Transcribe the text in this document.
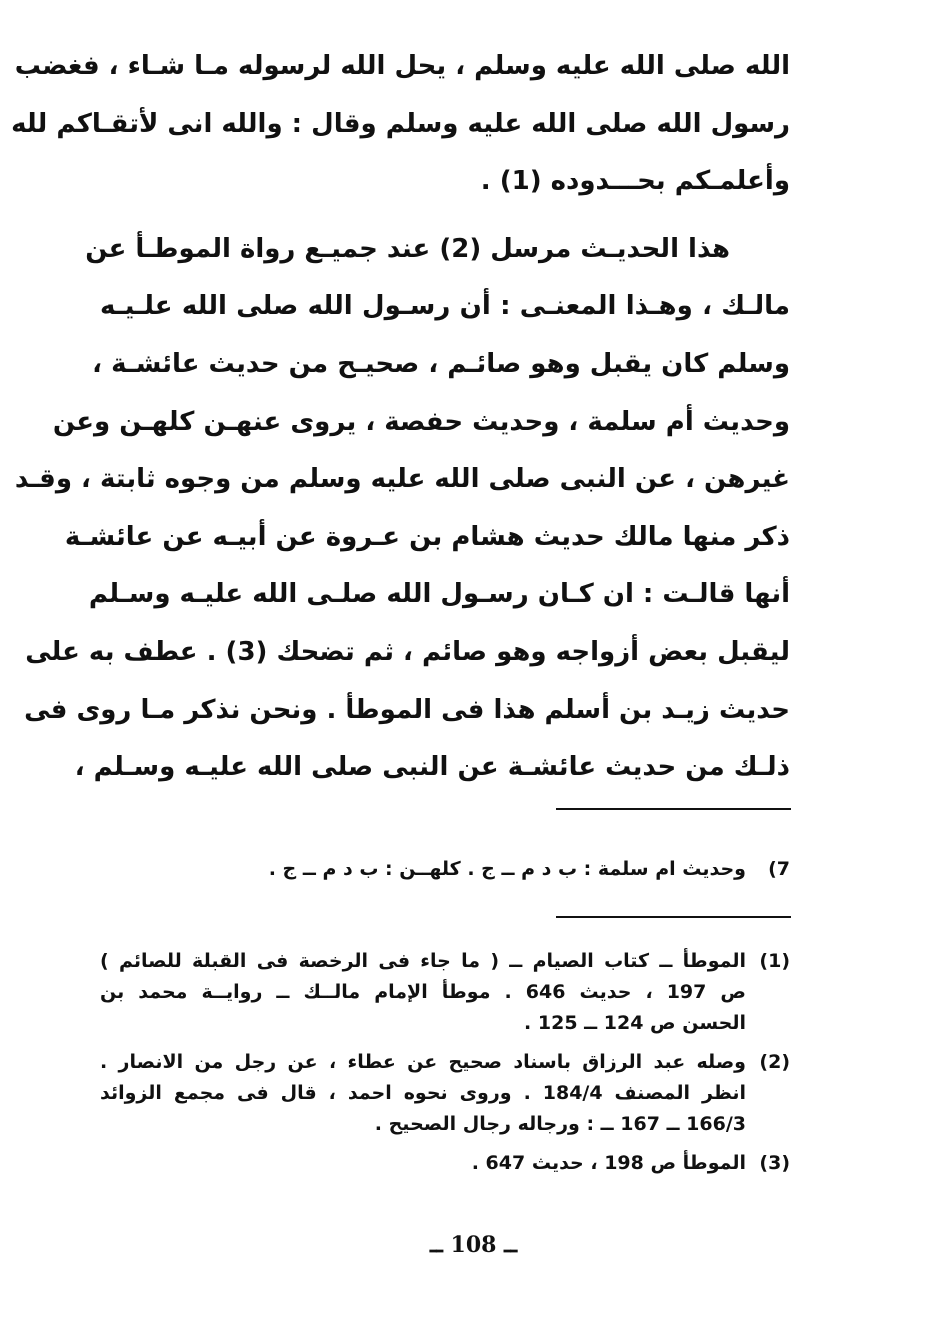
الله صلى الله عليه وسلم ، يحل الله لرسوله مـا شـاء ، فغضب
رسول الله صلى الله عليه وسلم وقال : والله انى لأتقـاكم لله
وأعلمـكم بحـــدوده (1) .
هذا الحديـث مرسل (2) عند جميـع رواة الموطـأ عن
مالـك ، وهـذا المعنـى : أن رسـول الله صلى الله علـيـه
وسلم كان يقبل وهو صائـم ، صحيـح من حديث عائشـة ،
وحديث أم سلمة ، وحديث حفصة ، يروى عنهـن كلهـن وعن
غيرهن ، عن النبى صلى الله عليه وسلم من وجوه ثابتة ، وقـد
ذكر منها مالك حديث هشام بن عـروة عن أبيـه عن عائشـة
أنها قالـت : ان كـان رسـول الله صلـى الله عليـه وسـلم
ليقبل بعض أزواجه وهو صائم ، ثم تضحك (3) . عطف به على
حديث زيـد بن أسلم هذا فى الموطأ . ونحن نذكر مـا روى فى
ذلـك من حديث عائشـة عن النبى صلى الله عليـه وسـلم ،
7)
وحديث ام سلمة : ب د م ــ ج . كلهــن : ب د م ــ ج .
(1)
الموطأ ــ كتاب الصيام ــ ( ما جاء فى الرخصة فى القبلة للصائم )
ص 197 ، حديث 646 . موطأ الإمام مالــك ــ روايــة محمد بن
الحسن ص 124 ــ 125 .
(2)
وصله عبد الرزاق باسناد صحيح عن عطاء ، عن رجل من الانصار .
انظر المصنف 184/4 . وروى نحوه احمد ، قال فى مجمع الزوائد
166/3 ــ 167 ــ : ورجاله رجال الصحيح .
(3)
الموطأ ص 198 ، حديث 647 .
ــ 108 ــ
